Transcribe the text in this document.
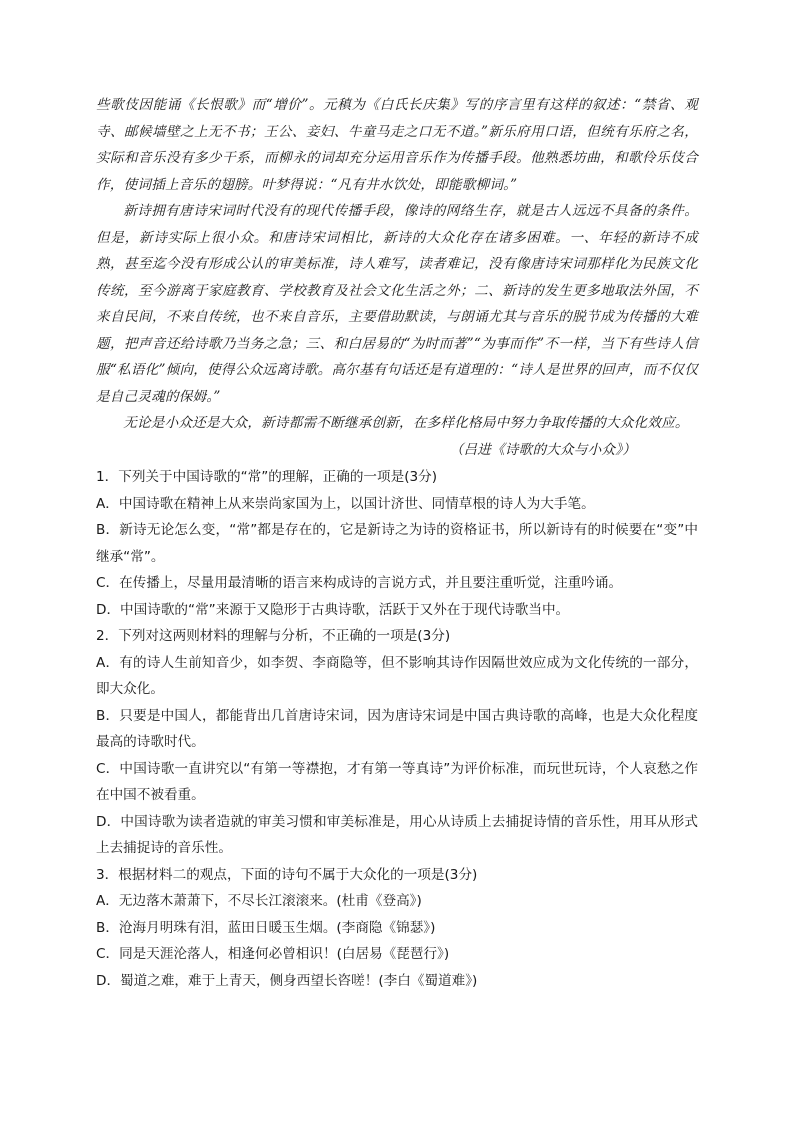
些歌伎因能诵《长恨歌》而“增价”。元稹为《白氏长庆集》写的序言里有这样的叙述：“禁省、观寺、邮候墙壁之上无不书；王公、妾妇、牛童马走之口无不道。”新乐府用口语，但统有乐府之名，实际和音乐没有多少干系，而柳永的词却充分运用音乐作为传播手段。他熟悉坊曲，和歌伶乐伎合作，使词插上音乐的翅膀。叶梦得说：“凡有井水饮处，即能歌柳词。”

新诗拥有唐诗宋词时代没有的现代传播手段，像诗的网络生存，就是古人远远不具备的条件。但是，新诗实际上很小众。和唐诗宋词相比，新诗的大众化存在诸多困难。一、年轻的新诗不成熟，甚至迄今没有形成公认的审美标准，诗人难写，读者难记，没有像唐诗宋词那样化为民族文化传统，至今游离于家庭教育、学校教育及社会文化生活之外；二、新诗的发生更多地取法外国，不来自民间，不来自传统，也不来自音乐，主要借助默读，与朗诵尤其与音乐的脱节成为传播的大难题，把声音还给诗歌乃当务之急；三、和白居易的“为时而著”“为事而作”不一样，当下有些诗人信服“私语化”倾向，使得公众远离诗歌。高尔基有句话还是有道理的：“诗人是世界的回声，而不仅仅是自己灵魂的保姆。”

无论是小众还是大众，新诗都需不断继承创新，在多样化格局中努力争取传播的大众化效应。

（吕进《诗歌的大众与小众》）

1．下列关于中国诗歌的“常”的理解，正确的一项是(3分)

A．中国诗歌在精神上从来崇尚家国为上，以国计济世、同情草根的诗人为大手笔。

B．新诗无论怎么变，“常”都是存在的，它是新诗之为诗的资格证书，所以新诗有的时候要在“变”中继承“常”。

C．在传播上，尽量用最清晰的语言来构成诗的言说方式，并且要注重听觉，注重吟诵。

D．中国诗歌的“常”来源于又隐形于古典诗歌，活跃于又外在于现代诗歌当中。

2．下列对这两则材料的理解与分析，不正确的一项是(3分)

A．有的诗人生前知音少，如李贺、李商隐等，但不影响其诗作因隔世效应成为文化传统的一部分，即大众化。

B．只要是中国人，都能背出几首唐诗宋词，因为唐诗宋词是中国古典诗歌的高峰，也是大众化程度最高的诗歌时代。

C．中国诗歌一直讲究以“有第一等襟抱，才有第一等真诗”为评价标准，而玩世玩诗，个人哀愁之作在中国不被看重。

D．中国诗歌为读者造就的审美习惯和审美标准是，用心从诗质上去捕捉诗情的音乐性，用耳从形式上去捕捉诗的音乐性。

3．根据材料二的观点，下面的诗句不属于大众化的一项是(3分)

A．无边落木萧萧下，不尽长江滚滚来。(杜甫《登高》)

B．沧海月明珠有泪，蓝田日暖玉生烟。(李商隐《锦瑟》)

C．同是天涯沦落人，相逢何必曾相识！(白居易《琵琶行》)

D．蜀道之难，难于上青天，侧身西望长咨嗟！(李白《蜀道难》)
